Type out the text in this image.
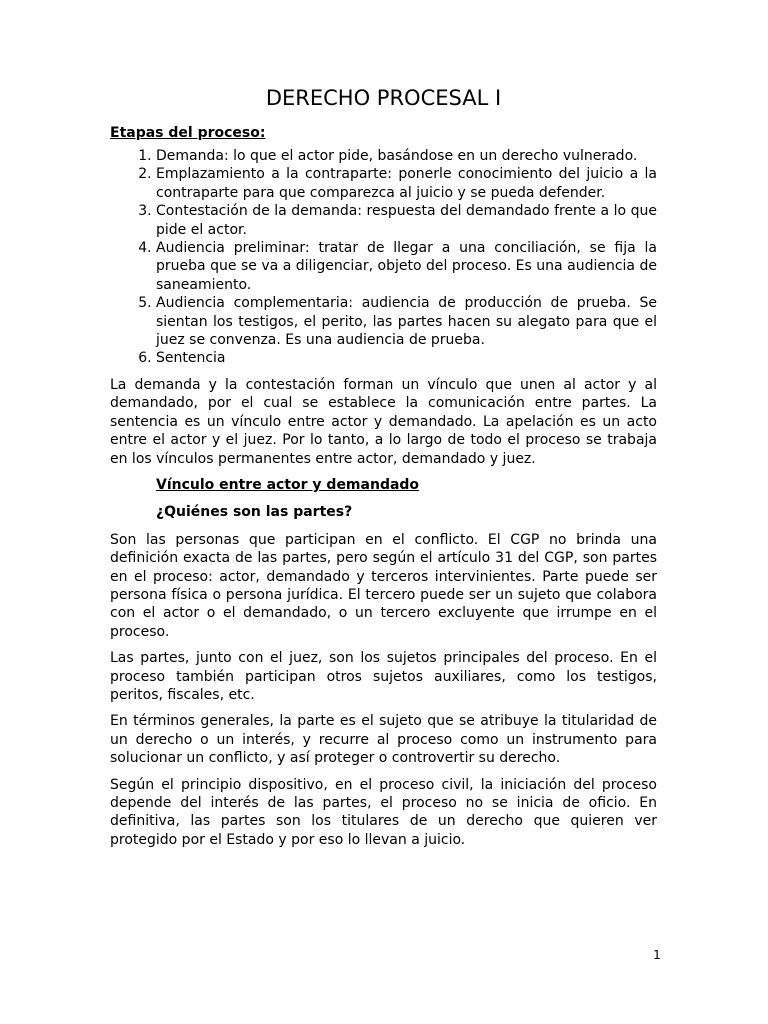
DERECHO PROCESAL I
Etapas del proceso:
1. Demanda: lo que el actor pide, basándose en un derecho vulnerado.
2. Emplazamiento a la contraparte: ponerle conocimiento del juicio a la contraparte para que comparezca al juicio y se pueda defender.
3. Contestación de la demanda: respuesta del demandado frente a lo que pide el actor.
4. Audiencia preliminar: tratar de llegar a una conciliación, se fija la prueba que se va a diligenciar, objeto del proceso. Es una audiencia de saneamiento.
5. Audiencia complementaria: audiencia de producción de prueba. Se sientan los testigos, el perito, las partes hacen su alegato para que el juez se convenza. Es una audiencia de prueba.
6. Sentencia

La demanda y la contestación forman un vínculo que unen al actor y al demandado, por el cual se establece la comunicación entre partes. La sentencia es un vínculo entre actor y demandado. La apelación es un acto entre el actor y el juez. Por lo tanto, a lo largo de todo el proceso se trabaja en los vínculos permanentes entre actor, demandado y juez.

Vínculo entre actor y demandado
¿Quiénes son las partes?

Son las personas que participan en el conflicto. El CGP no brinda una definición exacta de las partes, pero según el artículo 31 del CGP, son partes en el proceso: actor, demandado y terceros intervinientes. Parte puede ser persona física o persona jurídica. El tercero puede ser un sujeto que colabora con el actor o el demandado, o un tercero excluyente que irrumpe en el proceso.

Las partes, junto con el juez, son los sujetos principales del proceso. En el proceso también participan otros sujetos auxiliares, como los testigos, peritos, fiscales, etc.

En términos generales, la parte es el sujeto que se atribuye la titularidad de un derecho o un interés, y recurre al proceso como un instrumento para solucionar un conflicto, y así proteger o controvertir su derecho.

Según el principio dispositivo, en el proceso civil, la iniciación del proceso depende del interés de las partes, el proceso no se inicia de oficio. En definitiva, las partes son los titulares de un derecho que quieren ver protegido por el Estado y por eso lo llevan a juicio.

1
